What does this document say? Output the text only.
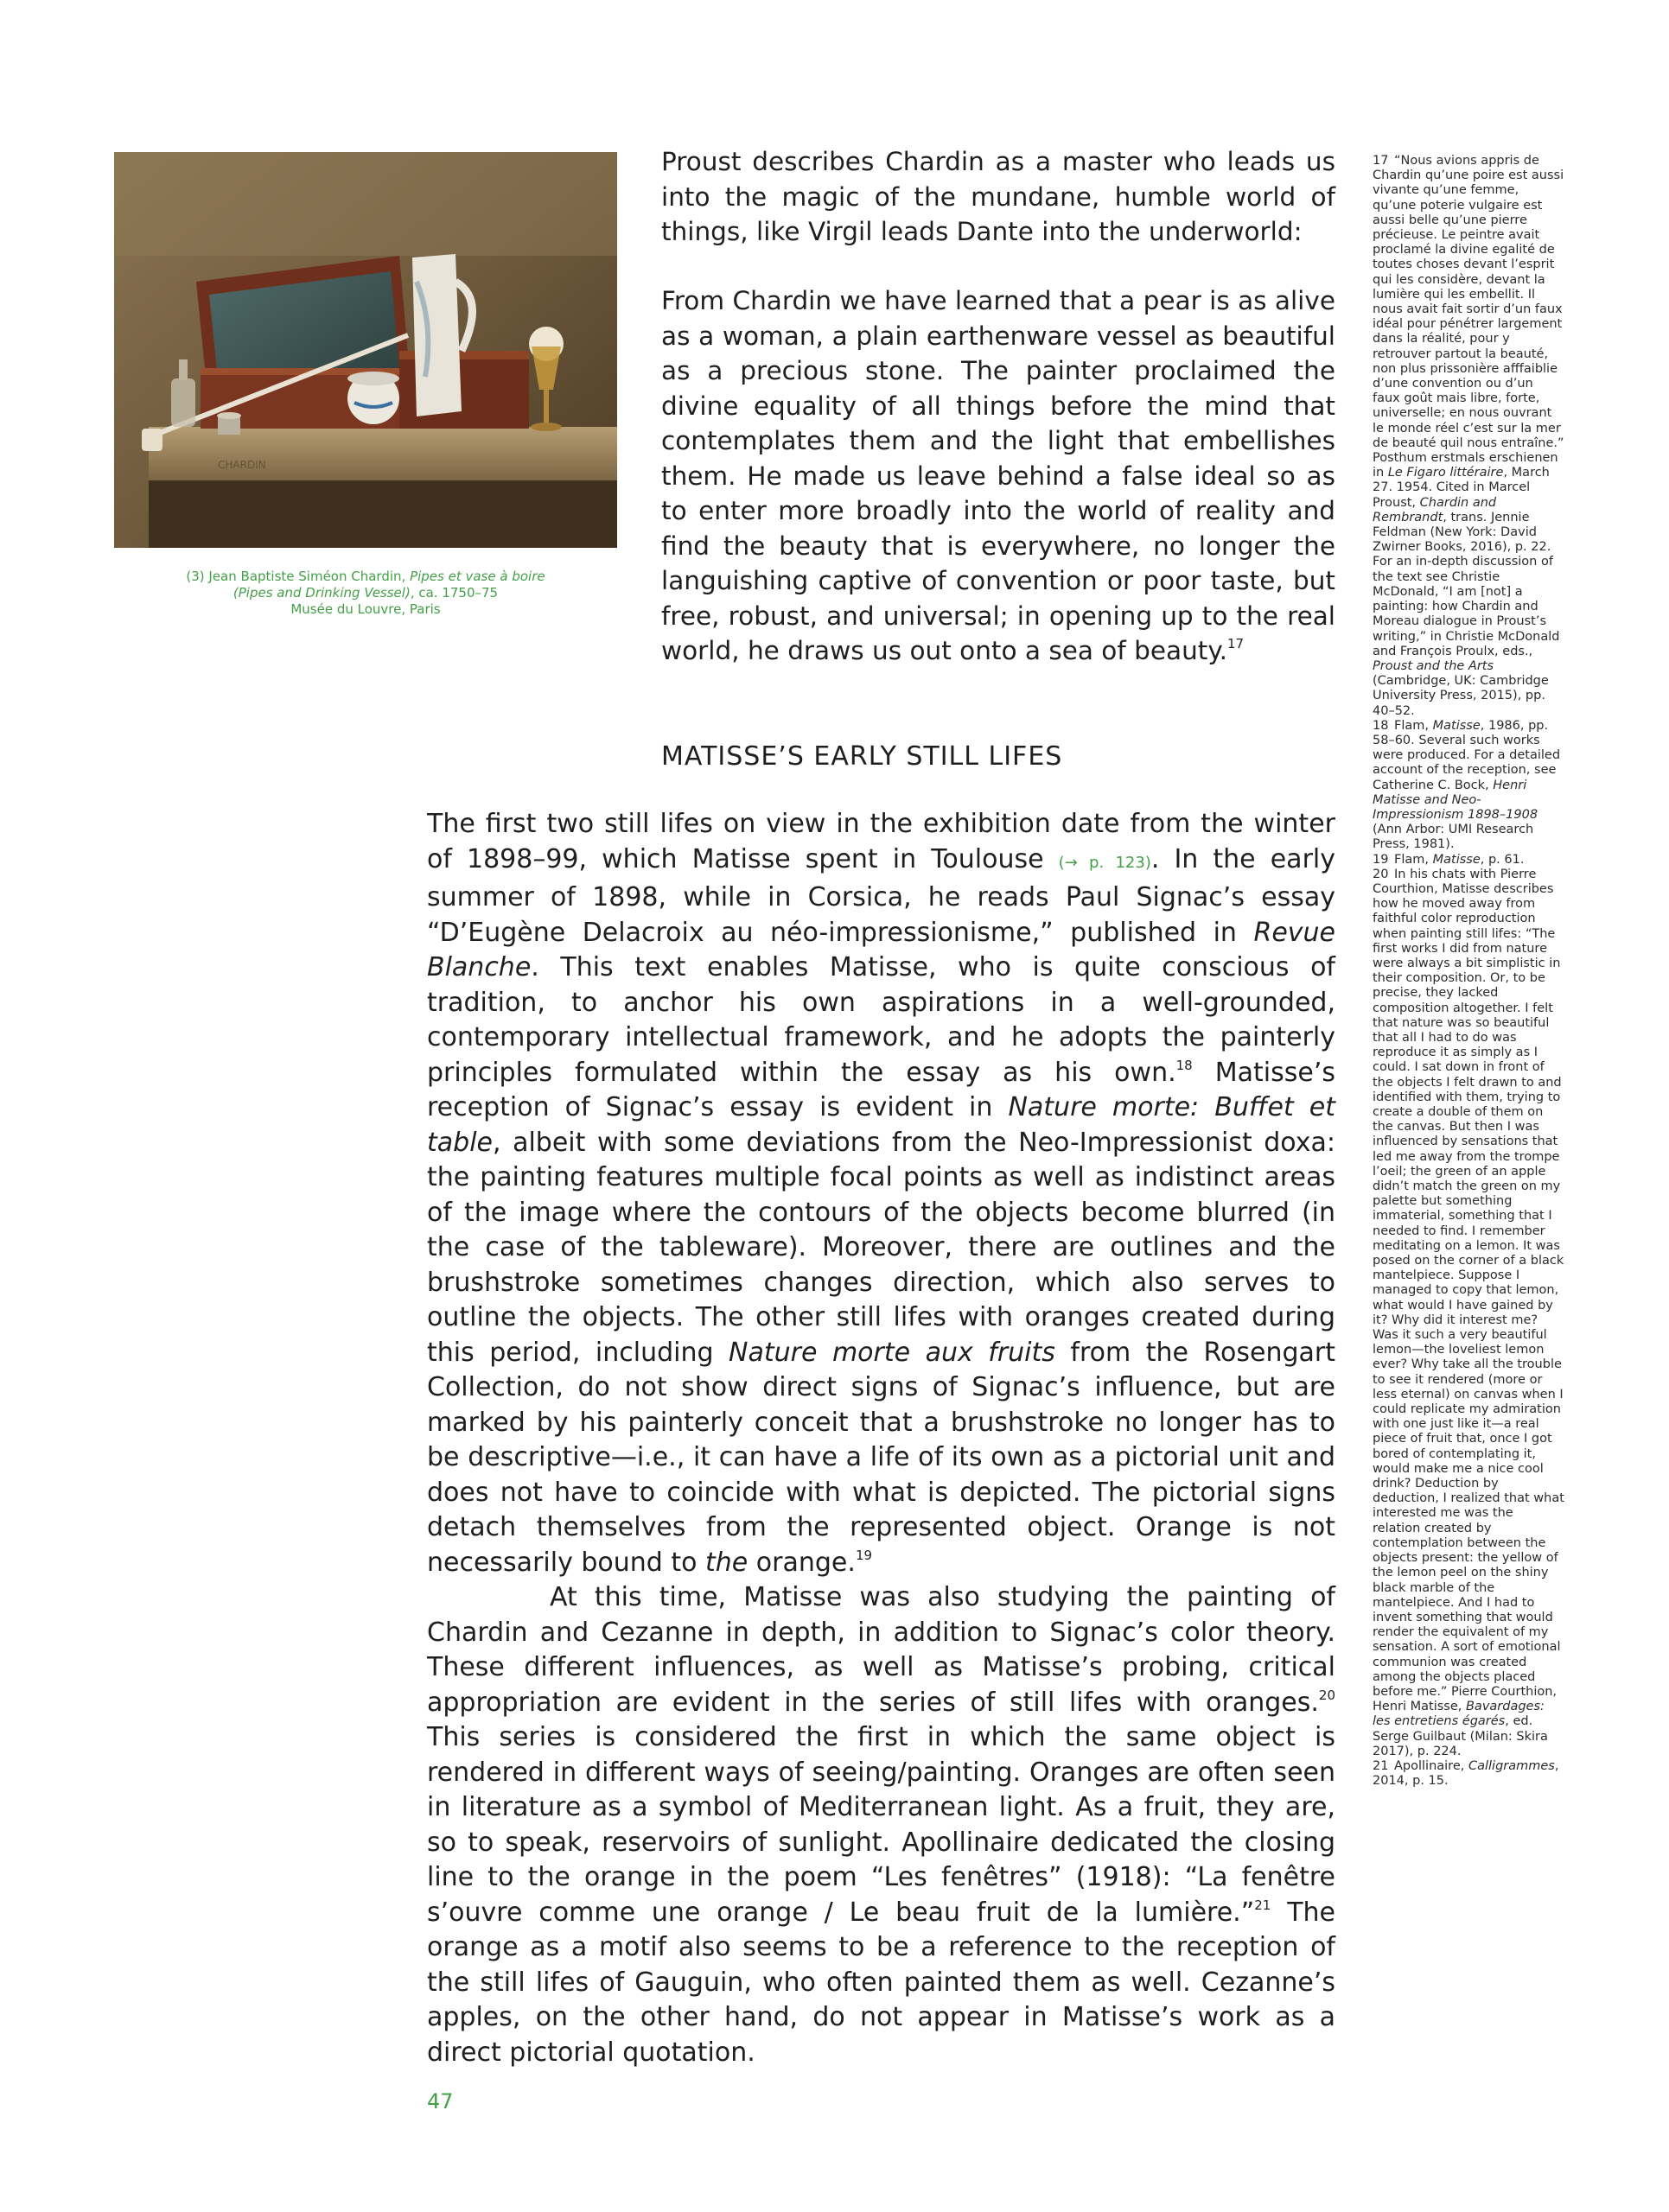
CHARDIN
(3) Jean Baptiste Siméon Chardin, Pipes et vase à boire
(Pipes and Drinking Vessel), ca. 1750–75
Musée du Louvre, Paris

Proust describes Chardin as a master who leads us into the magic of the mundane, humble world of things, like Virgil leads Dante into the underworld:

From Chardin we have learned that a pear is as alive as a woman, a plain earthenware vessel as beautiful as a precious stone. The painter proclaimed the divine equality of all things before the mind that contemplates them and the light that embellishes them. He made us leave behind a false ideal so as to enter more broadly into the world of reality and find the beauty that is everywhere, no longer the languishing captive of convention or poor taste, but free, robust, and universal; in opening up to the real world, he draws us out onto a sea of beauty.$^{17}$

MATISSE’S EARLY STILL LIFES

The first two still lifes on view in the exhibition date from the winter of 1898–99, which Matisse spent in Toulouse (→ p. 123). In the early summer of 1898, while in Corsica, he reads Paul Signac’s essay “D’Eugène Delacroix au néo-impressionisme,” published in Revue Blanche. This text enables Matisse, who is quite conscious of tradition, to anchor his own aspirations in a well-grounded, contemporary intellectual framework, and he adopts the painterly principles formulated within the essay as his own.$^{18}$ Matisse’s reception of Signac’s essay is evident in Nature morte: Buffet et table, albeit with some deviations from the Neo-Impressionist doxa: the painting features multiple focal points as well as indistinct areas of the image where the contours of the objects become blurred (in the case of the tableware). Moreover, there are outlines and the brushstroke sometimes changes direction, which also serves to outline the objects. The other still lifes with oranges created during this period, including Nature morte aux fruits from the Rosengart Collection, do not show direct signs of Signac’s influence, but are marked by his painterly conceit that a brushstroke no longer has to be descriptive—i.e., it can have a life of its own as a pictorial unit and does not have to coincide with what is depicted. The pictorial signs detach themselves from the represented object. Orange is not necessarily bound to the orange.$^{19}$

At this time, Matisse was also studying the painting of Chardin and Cezanne in depth, in addition to Signac’s color theory. These different influences, as well as Matisse’s probing, critical appropriation are evident in the series of still lifes with oranges.$^{20}$ This series is considered the first in which the same object is rendered in different ways of seeing/painting. Oranges are often seen in literature as a symbol of Mediterranean light. As a fruit, they are, so to speak, reservoirs of sunlight. Apollinaire dedicated the closing line to the orange in the poem “Les fenêtres” (1918): “La fenêtre s’ouvre comme une orange / Le beau fruit de la lumière.”$^{21}$ The orange as a motif also seems to be a reference to the reception of the still lifes of Gauguin, who often painted them as well. Cezanne’s apples, on the other hand, do not appear in Matisse’s work as a direct pictorial quotation.

17 “Nous avions appris de Chardin qu’une poire est aussi vivante qu’une femme, qu’une poterie vulgaire est aussi belle qu’une pierre précieuse. Le peintre avait proclamé la divine egalité de toutes choses devant l’esprit qui les considère, devant la lumière qui les embellit. Il nous avait fait sortir d’un faux idéal pour pénétrer largement dans la réalité, pour y retrouver partout la beauté, non plus prissonière afffaiblie d’une convention ou d’un faux goût mais libre, forte, universelle; en nous ouvrant le monde réel c’est sur la mer de beauté quil nous entraîne.” Posthum erstmals erschienen in Le Figaro littéraire, March 27. 1954. Cited in Marcel Proust, Chardin and Rembrandt, trans. Jennie Feldman (New York: David Zwirner Books, 2016), p. 22. For an in-depth discussion of the text see Christie McDonald, “I am [not] a painting: how Chardin and Moreau dialogue in Proust’s writing,” in Christie McDonald and François Proulx, eds., Proust and the Arts (Cambridge, UK: Cambridge University Press, 2015), pp. 40–52.

18 Flam, Matisse, 1986, pp. 58–60. Several such works were produced. For a detailed account of the reception, see Catherine C. Bock, Henri Matisse and Neo-Impressionism 1898–1908 (Ann Arbor: UMI Research Press, 1981).

19 Flam, Matisse, p. 61.

20 In his chats with Pierre Courthion, Matisse describes how he moved away from faithful color reproduction when painting still lifes: “The first works I did from nature were always a bit simplistic in their composition. Or, to be precise, they lacked composition altogether. I felt that nature was so beautiful that all I had to do was reproduce it as simply as I could. I sat down in front of the objects I felt drawn to and identified with them, trying to create a double of them on the canvas. But then I was influenced by sensations that led me away from the trompe l’oeil; the green of an apple didn’t match the green on my palette but something immaterial, something that I needed to find. I remember meditating on a lemon. It was posed on the corner of a black mantelpiece. Suppose I managed to copy that lemon, what would I have gained by it? Why did it interest me? Was it such a very beautiful lemon—the loveliest lemon ever? Why take all the trouble to see it rendered (more or less eternal) on canvas when I could replicate my admiration with one just like it—a real piece of fruit that, once I got bored of contemplating it, would make me a nice cool drink? Deduction by deduction, I realized that what interested me was the relation created by contemplation between the objects present: the yellow of the lemon peel on the shiny black marble of the mantelpiece. And I had to invent something that would render the equivalent of my sensation. A sort of emotional communion was created among the objects placed before me.” Pierre Courthion, Henri Matisse, Bavardages: les entretiens égarés, ed. Serge Guilbaut (Milan: Skira 2017), p. 224.

21 Apollinaire, Calligrammes, 2014, p. 15.

47
